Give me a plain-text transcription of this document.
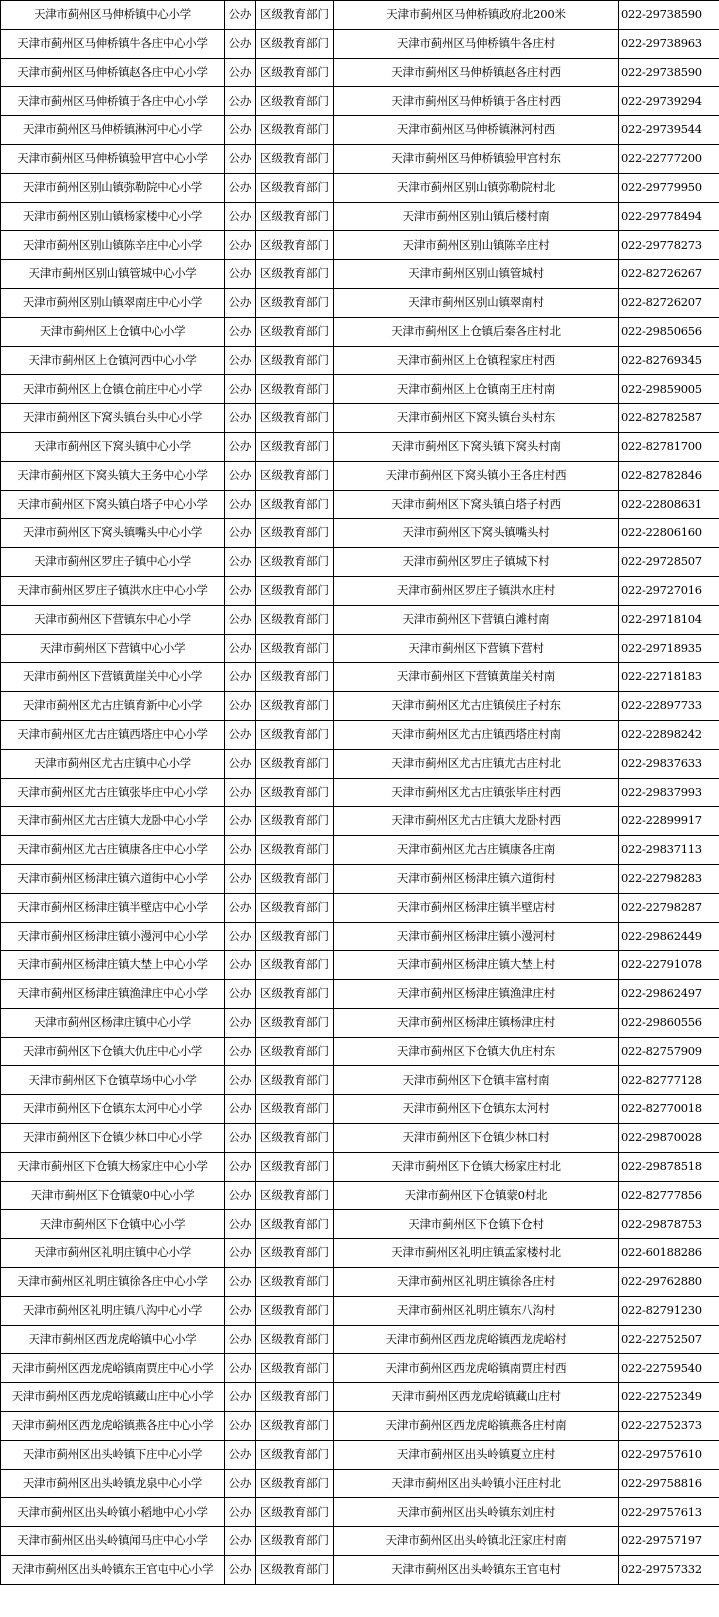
天津市蓟州区马伸桥镇中心小学	公办	区级教育部门	天津市蓟州区马伸桥镇政府北200米	022-29738590
天津市蓟州区马伸桥镇牛各庄中心小学	公办	区级教育部门	天津市蓟州区马伸桥镇牛各庄村	022-29738963
天津市蓟州区马伸桥镇赵各庄中心小学	公办	区级教育部门	天津市蓟州区马伸桥镇赵各庄村西	022-29738590
天津市蓟州区马伸桥镇于各庄中心小学	公办	区级教育部门	天津市蓟州区马伸桥镇于各庄村西	022-29739294
天津市蓟州区马伸桥镇淋河中心小学	公办	区级教育部门	天津市蓟州区马伸桥镇淋河村西	022-29739544
天津市蓟州区马伸桥镇验甲宫中心小学	公办	区级教育部门	天津市蓟州区马伸桥镇验甲宫村东	022-22777200
天津市蓟州区别山镇弥勒院中心小学	公办	区级教育部门	天津市蓟州区别山镇弥勒院村北	022-29779950
天津市蓟州区别山镇杨家楼中心小学	公办	区级教育部门	天津市蓟州区别山镇后楼村南	022-29778494
天津市蓟州区别山镇陈辛庄中心小学	公办	区级教育部门	天津市蓟州区别山镇陈辛庄村	022-29778273
天津市蓟州区别山镇管城中心小学	公办	区级教育部门	天津市蓟州区别山镇管城村	022-82726267
天津市蓟州区别山镇翠南庄中心小学	公办	区级教育部门	天津市蓟州区别山镇翠南村	022-82726207
天津市蓟州区上仓镇中心小学	公办	区级教育部门	天津市蓟州区上仓镇后秦各庄村北	022-29850656
天津市蓟州区上仓镇河西中心小学	公办	区级教育部门	天津市蓟州区上仓镇程家庄村西	022-82769345
天津市蓟州区上仓镇仓前庄中心小学	公办	区级教育部门	天津市蓟州区上仓镇南王庄村南	022-29859005
天津市蓟州区下窝头镇台头中心小学	公办	区级教育部门	天津市蓟州区下窝头镇台头村东	022-82782587
天津市蓟州区下窝头镇中心小学	公办	区级教育部门	天津市蓟州区下窝头镇下窝头村南	022-82781700
天津市蓟州区下窝头镇大王务中心小学	公办	区级教育部门	天津市蓟州区下窝头镇小王各庄村西	022-82782846
天津市蓟州区下窝头镇白塔子中心小学	公办	区级教育部门	天津市蓟州区下窝头镇白塔子村西	022-22808631
天津市蓟州区下窝头镇嘴头中心小学	公办	区级教育部门	天津市蓟州区下窝头镇嘴头村	022-22806160
天津市蓟州区罗庄子镇中心小学	公办	区级教育部门	天津市蓟州区罗庄子镇城下村	022-29728507
天津市蓟州区罗庄子镇洪水庄中心小学	公办	区级教育部门	天津市蓟州区罗庄子镇洪水庄村	022-29727016
天津市蓟州区下营镇东中心小学	公办	区级教育部门	天津市蓟州区下营镇白滩村南	022-29718104
天津市蓟州区下营镇中心小学	公办	区级教育部门	天津市蓟州区下营镇下营村	022-29718935
天津市蓟州区下营镇黄崖关中心小学	公办	区级教育部门	天津市蓟州区下营镇黄崖关村南	022-22718183
天津市蓟州区尤古庄镇育新中心小学	公办	区级教育部门	天津市蓟州区尤古庄镇侯庄子村东	022-22897733
天津市蓟州区尤古庄镇西塔庄中心小学	公办	区级教育部门	天津市蓟州区尤古庄镇西塔庄村南	022-22898242
天津市蓟州区尤古庄镇中心小学	公办	区级教育部门	天津市蓟州区尤古庄镇尤古庄村北	022-29837633
天津市蓟州区尤古庄镇张毕庄中心小学	公办	区级教育部门	天津市蓟州区尤古庄镇张毕庄村西	022-29837993
天津市蓟州区尤古庄镇大龙卧中心小学	公办	区级教育部门	天津市蓟州区尤古庄镇大龙卧村西	022-22899917
天津市蓟州区尤古庄镇康各庄中心小学	公办	区级教育部门	天津市蓟州区尤古庄镇康各庄南	022-29837113
天津市蓟州区杨津庄镇六道街中心小学	公办	区级教育部门	天津市蓟州区杨津庄镇六道街村	022-22798283
天津市蓟州区杨津庄镇半壁店中心小学	公办	区级教育部门	天津市蓟州区杨津庄镇半壁店村	022-22798287
天津市蓟州区杨津庄镇小漫河中心小学	公办	区级教育部门	天津市蓟州区杨津庄镇小漫河村	022-29862449
天津市蓟州区杨津庄镇大埜上中心小学	公办	区级教育部门	天津市蓟州区杨津庄镇大埜上村	022-22791078
天津市蓟州区杨津庄镇渔津庄中心小学	公办	区级教育部门	天津市蓟州区杨津庄镇渔津庄村	022-29862497
天津市蓟州区杨津庄镇中心小学	公办	区级教育部门	天津市蓟州区杨津庄镇杨津庄村	022-29860556
天津市蓟州区下仓镇大仇庄中心小学	公办	区级教育部门	天津市蓟州区下仓镇大仇庄村东	022-82757909
天津市蓟州区下仓镇草场中心小学	公办	区级教育部门	天津市蓟州区下仓镇丰富村南	022-82777128
天津市蓟州区下仓镇东太河中心小学	公办	区级教育部门	天津市蓟州区下仓镇东太河村	022-82770018
天津市蓟州区下仓镇少林口中心小学	公办	区级教育部门	天津市蓟州区下仓镇少林口村	022-29870028
天津市蓟州区下仓镇大杨家庄中心小学	公办	区级教育部门	天津市蓟州区下仓镇大杨家庄村北	022-29878518
天津市蓟州区下仓镇蒙0中心小学	公办	区级教育部门	天津市蓟州区下仓镇蒙0村北	022-82777856
天津市蓟州区下仓镇中心小学	公办	区级教育部门	天津市蓟州区下仓镇下仓村	022-29878753
天津市蓟州区礼明庄镇中心小学	公办	区级教育部门	天津市蓟州区礼明庄镇孟家楼村北	022-60188286
天津市蓟州区礼明庄镇徐各庄中心小学	公办	区级教育部门	天津市蓟州区礼明庄镇徐各庄村	022-29762880
天津市蓟州区礼明庄镇八沟中心小学	公办	区级教育部门	天津市蓟州区礼明庄镇东八沟村	022-82791230
天津市蓟州区西龙虎峪镇中心小学	公办	区级教育部门	天津市蓟州区西龙虎峪镇西龙虎峪村	022-22752507
天津市蓟州区西龙虎峪镇南贾庄中心小学	公办	区级教育部门	天津市蓟州区西龙虎峪镇南贾庄村西	022-22759540
天津市蓟州区西龙虎峪镇藏山庄中心小学	公办	区级教育部门	天津市蓟州区西龙虎峪镇藏山庄村	022-22752349
天津市蓟州区西龙虎峪镇燕各庄中心小学	公办	区级教育部门	天津市蓟州区西龙虎峪镇燕各庄村南	022-22752373
天津市蓟州区出头岭镇下庄中心小学	公办	区级教育部门	天津市蓟州区出头岭镇夏立庄村	022-29757610
天津市蓟州区出头岭镇龙泉中心小学	公办	区级教育部门	天津市蓟州区出头岭镇小汪庄村北	022-29758816
天津市蓟州区出头岭镇小稻地中心小学	公办	区级教育部门	天津市蓟州区出头岭镇东刘庄村	022-29757613
天津市蓟州区出头岭镇闻马庄中心小学	公办	区级教育部门	天津市蓟州区出头岭镇北汪家庄村南	022-29757197
天津市蓟州区出头岭镇东王官屯中心小学	公办	区级教育部门	天津市蓟州区出头岭镇东王官屯村	022-29757332
